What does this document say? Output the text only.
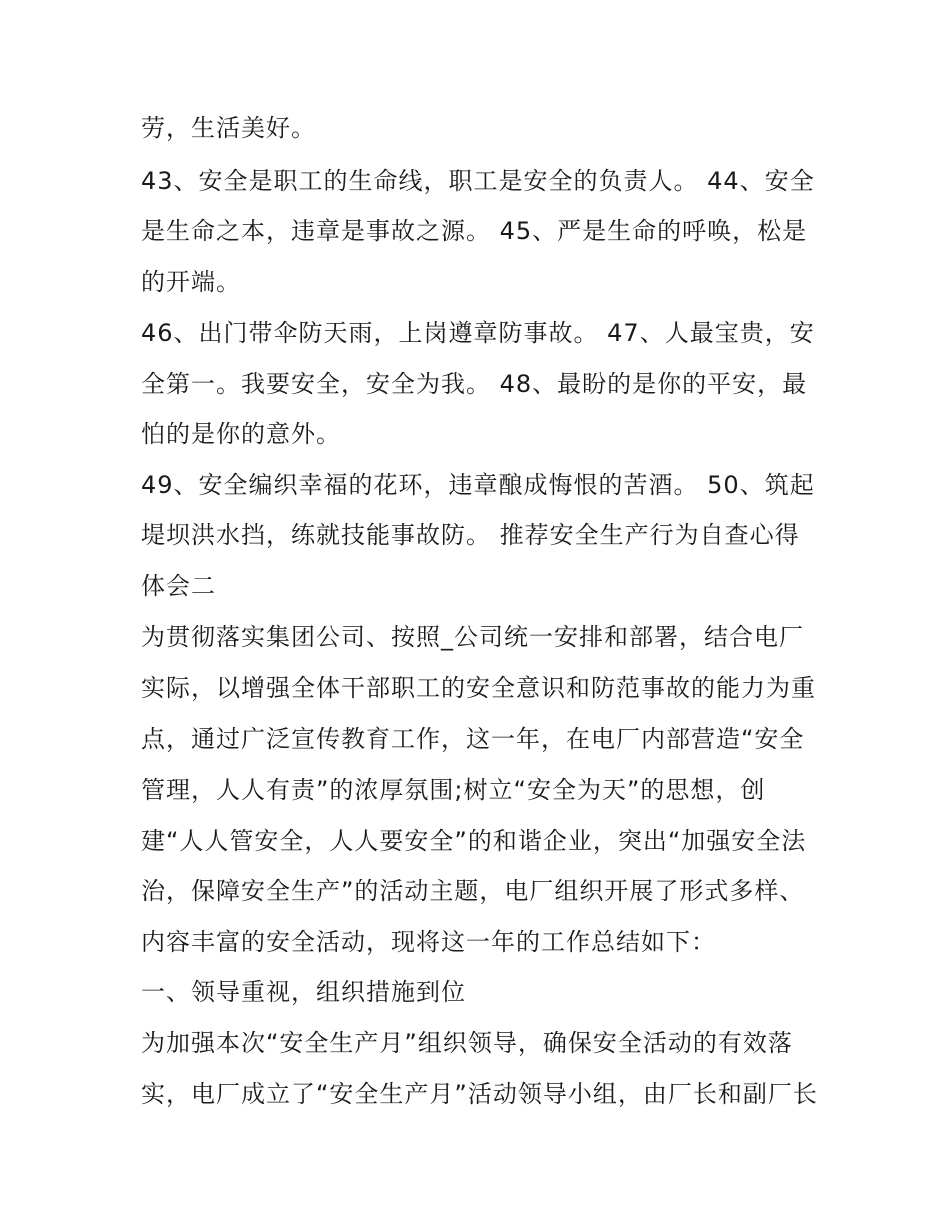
劳，生活美好。
43、安全是职工的生命线，职工是安全的负责人。 44、安全
是生命之本，违章是事故之源。 45、严是生命的呼唤，松是
的开端。
46、出门带伞防天雨，上岗遵章防事故。 47、人最宝贵，安
全第一。我要安全，安全为我。 48、最盼的是你的平安，最
怕的是你的意外。
49、安全编织幸福的花环，违章酿成悔恨的苦酒。 50、筑起
堤坝洪水挡，练就技能事故防。 推荐安全生产行为自查心得
体会二
为贯彻落实集团公司、按照_公司统一安排和部署，结合电厂
实际，以增强全体干部职工的安全意识和防范事故的能力为重
点，通过广泛宣传教育工作，这一年，在电厂内部营造“安全
管理，人人有责”的浓厚氛围;树立“安全为天”的思想，创
建“人人管安全，人人要安全”的和谐企业，突出“加强安全法
治，保障安全生产”的活动主题，电厂组织开展了形式多样、
内容丰富的安全活动，现将这一年的工作总结如下：
一、领导重视，组织措施到位
为加强本次“安全生产月”组织领导，确保安全活动的有效落
实，电厂成立了“安全生产月”活动领导小组，由厂长和副厂长
